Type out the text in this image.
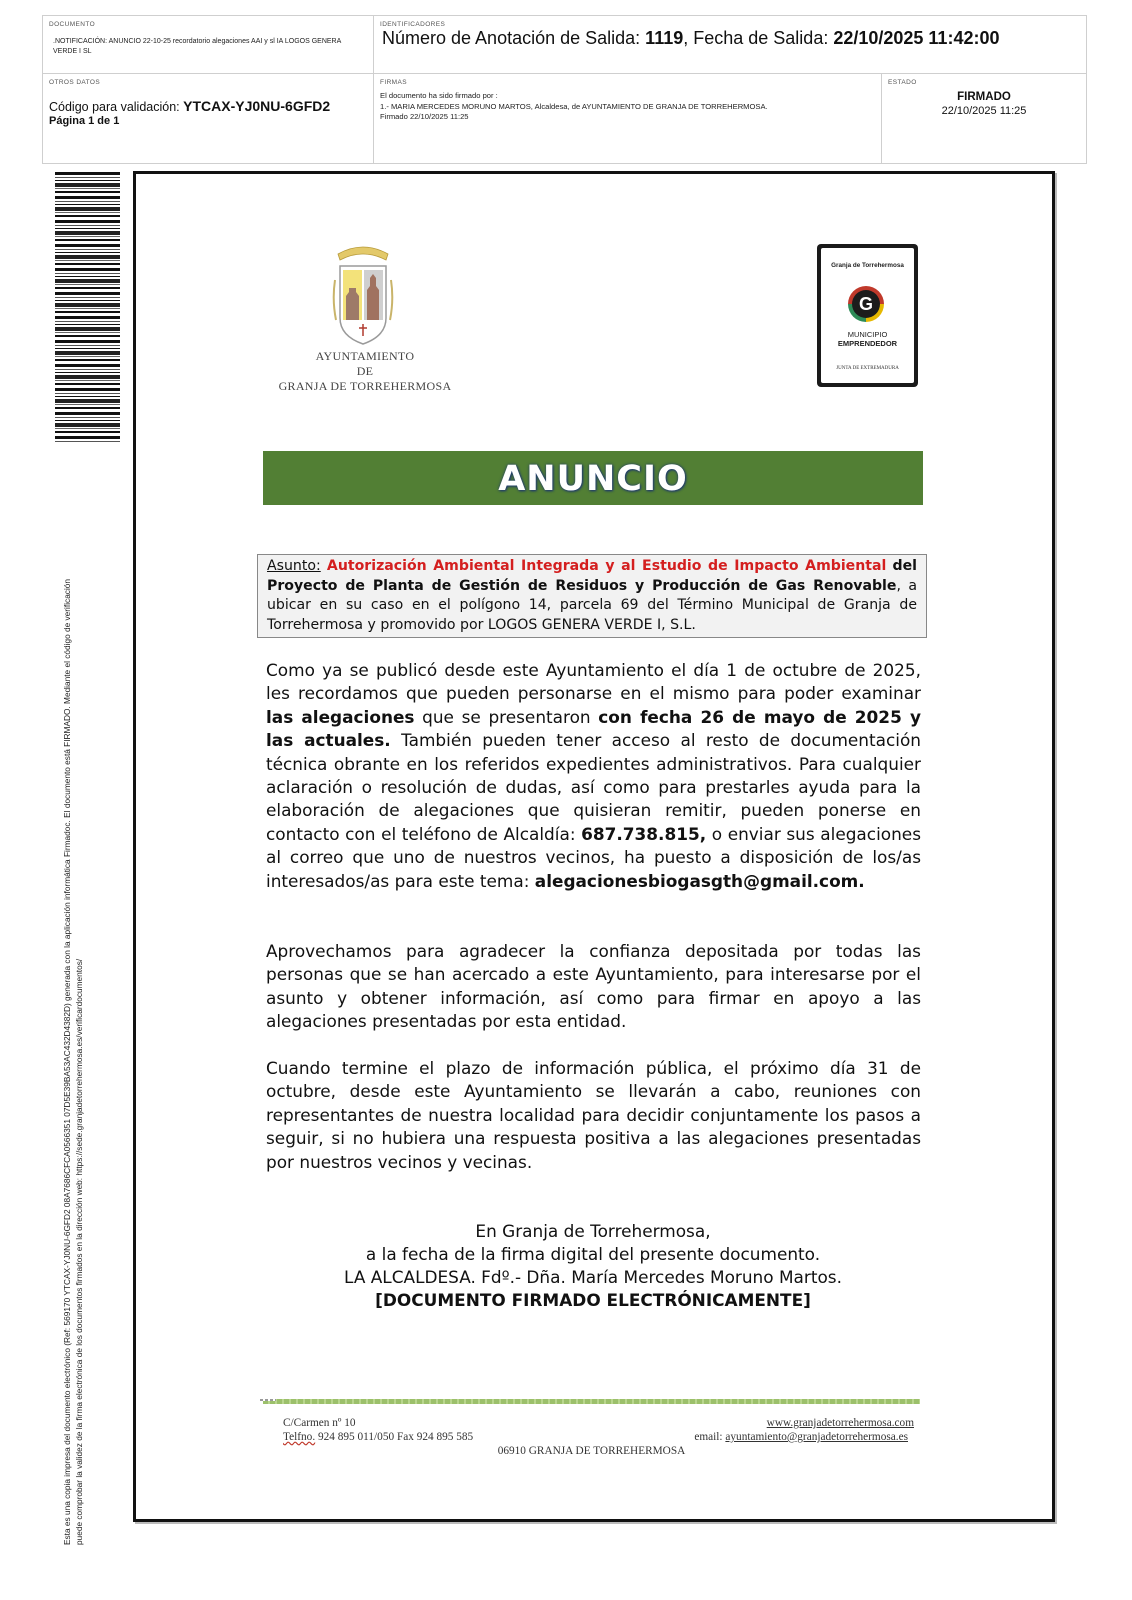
DOCUMENTO
.NOTIFICACIÓN: ANUNCIO 22-10-25 recordatorio alegaciones AAI y sl IA LOGOS GENERA VERDE I SL
IDENTIFICADORES
Número de Anotación de Salida: 1119, Fecha de Salida: 22/10/2025 11:42:00
OTROS DATOS
Código para validación: YTCAX-YJ0NU-6GFD2
Página 1 de 1
FIRMAS
El documento ha sido firmado por :
1.- MARIA MERCEDES MORUNO MARTOS, Alcaldesa, de AYUNTAMIENTO DE GRANJA DE TORREHERMOSA.
Firmado 22/10/2025 11:25
ESTADO
FIRMADO
22/10/2025 11:25
Esta es una copia impresa del documento electrónico (Ref: 569170 YTCAX-YJ0NU-6GFD2 08A7686CFCA0566351 07D5E39BA53AC432D4382D) generada con la aplicación informática Firmadoc. El documento está FIRMADO. Mediante el código de verificación puede comprobar la validez de la firma electrónica de los documentos firmados en la dirección web: https://sede.granjadetorrehermosa.es/verificardocumentos/
AYUNTAMIENTO
DE
GRANJA DE TORREHERMOSA
Granja de Torrehermosa
G
MUNICIPIO
EMPRENDEDOR
JUNTA DE EXTREMADURA
ANUNCIO
Asunto: Autorización Ambiental Integrada y al Estudio de Impacto Ambiental del Proyecto de Planta de Gestión de Residuos y Producción de Gas Renovable, a ubicar en su caso en el polígono 14, parcela 69 del Término Municipal de Granja de Torrehermosa y promovido por LOGOS GENERA VERDE I, S.L.
Como ya se publicó desde este Ayuntamiento el día 1 de octubre de 2025, les recordamos que pueden personarse en el mismo para poder examinar las alegaciones que se presentaron con fecha 26 de mayo de 2025 y las actuales. También pueden tener acceso al resto de documentación técnica obrante en los referidos expedientes administrativos. Para cualquier aclaración o resolución de dudas, así como para prestarles ayuda para la elaboración de alegaciones que quisieran remitir, pueden ponerse en contacto con el teléfono de Alcaldía: 687.738.815, o enviar sus alegaciones al correo que uno de nuestros vecinos, ha puesto a disposición de los/as interesados/as para este tema: alegacionesbiogasgth@gmail.com.
Aprovechamos para agradecer la confianza depositada por todas las personas que se han acercado a este Ayuntamiento, para interesarse por el asunto y obtener información, así como para firmar en apoyo a las alegaciones presentadas por esta entidad.
Cuando termine el plazo de información pública, el próximo día 31 de octubre, desde este Ayuntamiento se llevarán a cabo, reuniones con representantes de nuestra localidad para decidir conjuntamente los pasos a seguir, si no hubiera una respuesta positiva a las alegaciones presentadas por nuestros vecinos y vecinas.
En Granja de Torrehermosa,
a la fecha de la firma digital del presente documento.
LA ALCALDESA. Fdº.- Dña. María Mercedes Moruno Martos.
[DOCUMENTO FIRMADO ELECTRÓNICAMENTE]
C/Carmen nº 10
Telfno. 924 895 011/050 Fax 924 895 585
www.granjadetorrehermosa.com
email: ayuntamiento@granjadetorrehermosa.es
06910 GRANJA DE TORREHERMOSA
